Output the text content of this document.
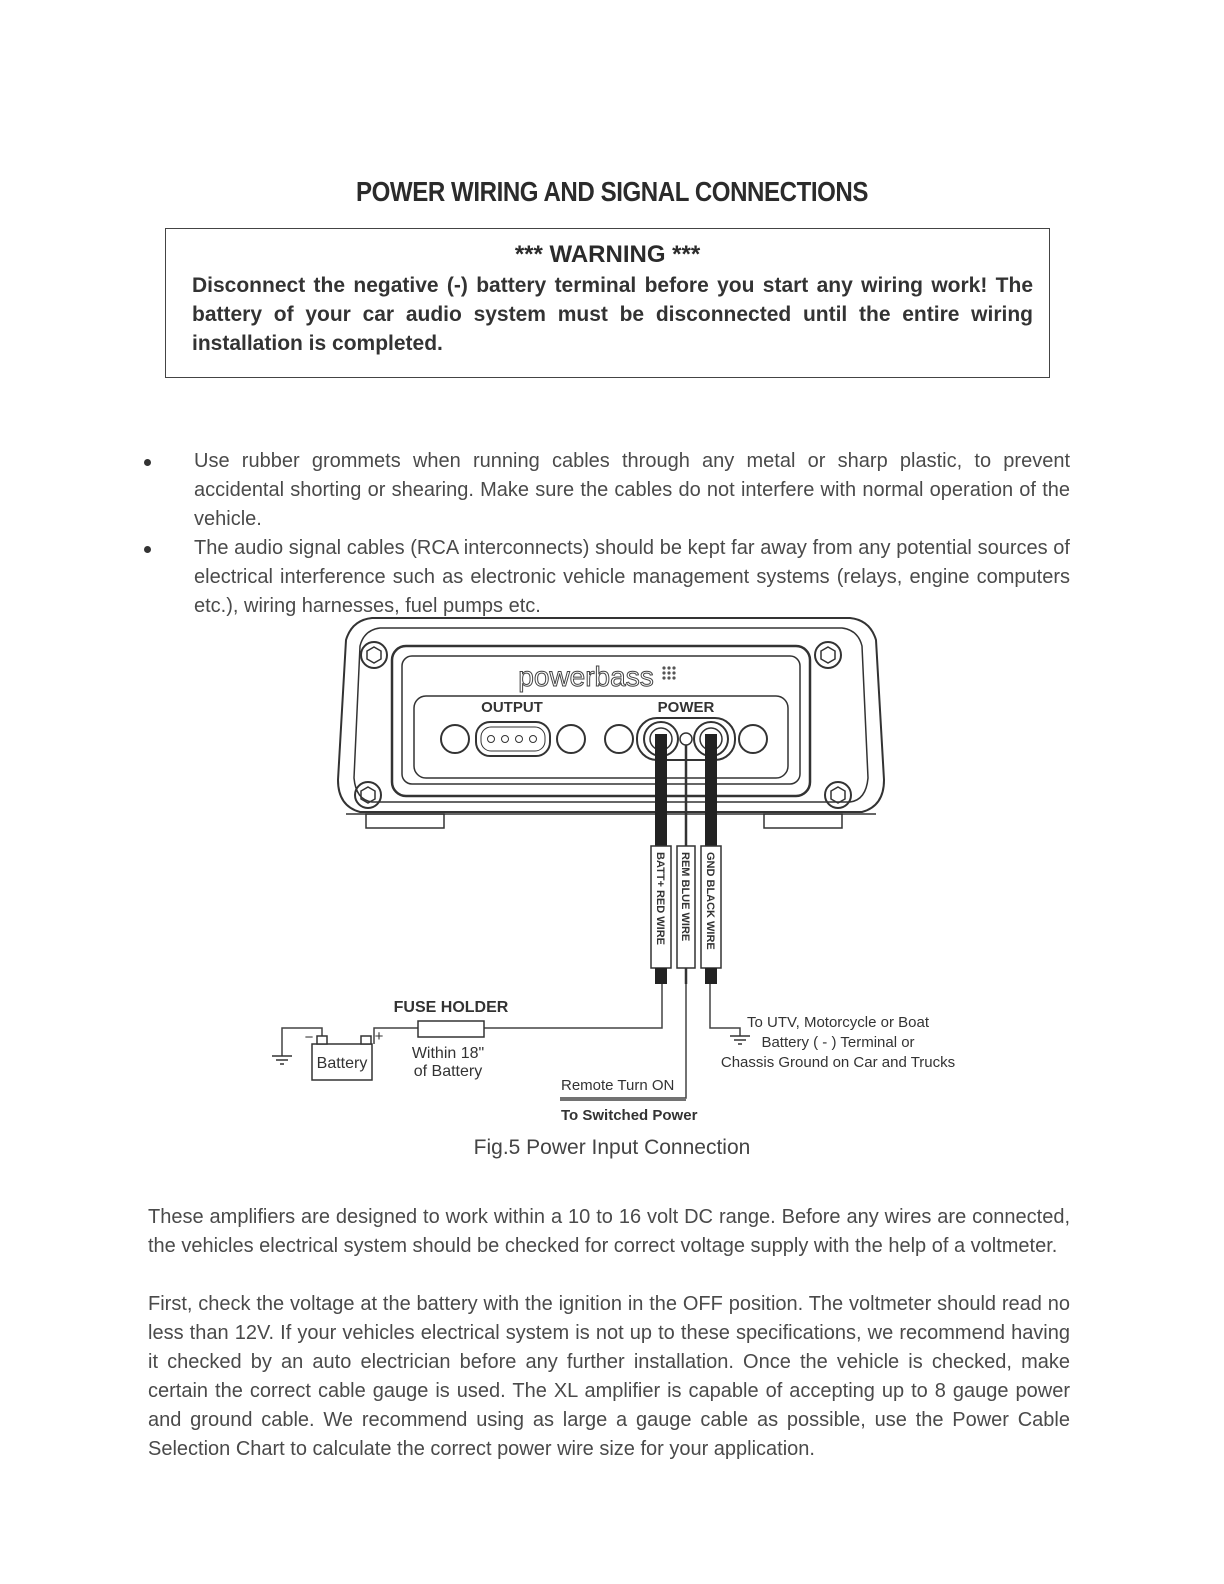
POWER WIRING AND SIGNAL CONNECTIONS
*** WARNING ***
Disconnect the negative (-) battery terminal before you start any wiring work! The battery of your car audio system must be disconnected until the entire wiring installation is completed.
Use rubber grommets when running cables through any metal or sharp plastic, to prevent accidental shorting or shearing. Make sure the cables do not interfere with normal operation of the vehicle.
The audio signal cables (RCA interconnects) should be kept far away from any potential sources of electrical interference such as electronic vehicle management systems (relays, engine computers etc.), wiring harnesses, fuel pumps etc.
powerbass
OUTPUT	POWER
BATT+ RED WIRE REM BLUE WIRE GND BLACK WIRE
FUSE HOLDER
Within 18"
of Battery
Battery
−	+
Remote Turn ON
To Switched Power
To UTV, Motorcycle or Boat
Battery ( - ) Terminal or
Chassis Ground on Car and Trucks
Fig.5 Power Input Connection

These amplifiers are designed to work within a 10 to 16 volt DC range. Before any wires are connected, the vehicles electrical system should be checked for correct voltage supply with the help of a voltmeter.

First, check the voltage at the battery with the ignition in the OFF position. The voltmeter should read no less than 12V. If your vehicles electrical system is not up to these specifications, we recommend having it checked by an auto electrician before any further installation. Once the vehicle is checked, make certain the correct cable gauge is used. The XL amplifier is capable of accepting up to 8 gauge power and ground cable. We recommend using as large a gauge cable as possible, use the Power Cable Selection Chart to calculate the correct power wire size for your application.
